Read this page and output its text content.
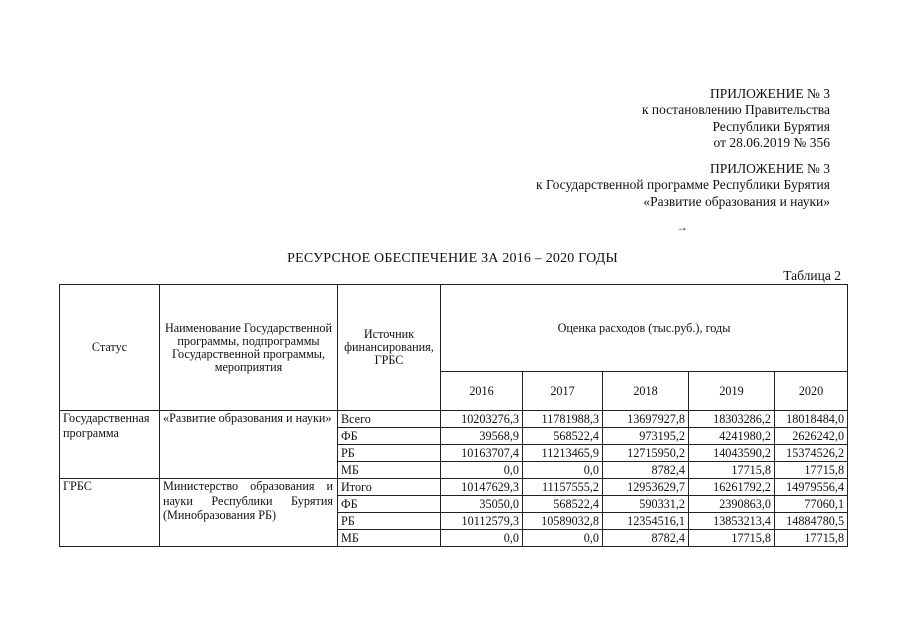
ПРИЛОЖЕНИЕ № 3
к постановлению Правительства
Республики Бурятия
от 28.06.2019 № 356
ПРИЛОЖЕНИЕ № 3
к Государственной программе Республики Бурятия
«Развитие образования и науки»
→
РЕСУРСНОЕ ОБЕСПЕЧЕНИЕ ЗА 2016 – 2020 ГОДЫ
Таблица 2
Статус	Наименование Государственной программы, подпрограммы Государственной программы, мероприятия	Источник финансирования, ГРБС	Оценка расходов (тыс.руб.), годы				
			2016	2017	2018	2019	2020
Государственная программа	«Развитие образования и науки»	Всего	10203276,3	11781988,3	13697927,8	18303286,2	18018484,0
		ФБ	39568,9	568522,4	973195,2	4241980,2	2626242,0
		РБ	10163707,4	11213465,9	12715950,2	14043590,2	15374526,2
		МБ	0,0	0,0	8782,4	17715,8	17715,8
ГРБС	Министерство образования и науки Республики Бурятия (Минобразования РБ)	Итого	10147629,3	11157555,2	12953629,7	16261792,2	14979556,4
		ФБ	35050,0	568522,4	590331,2	2390863,0	77060,1
		РБ	10112579,3	10589032,8	12354516,1	13853213,4	14884780,5
		МБ	0,0	0,0	8782,4	17715,8	17715,8
